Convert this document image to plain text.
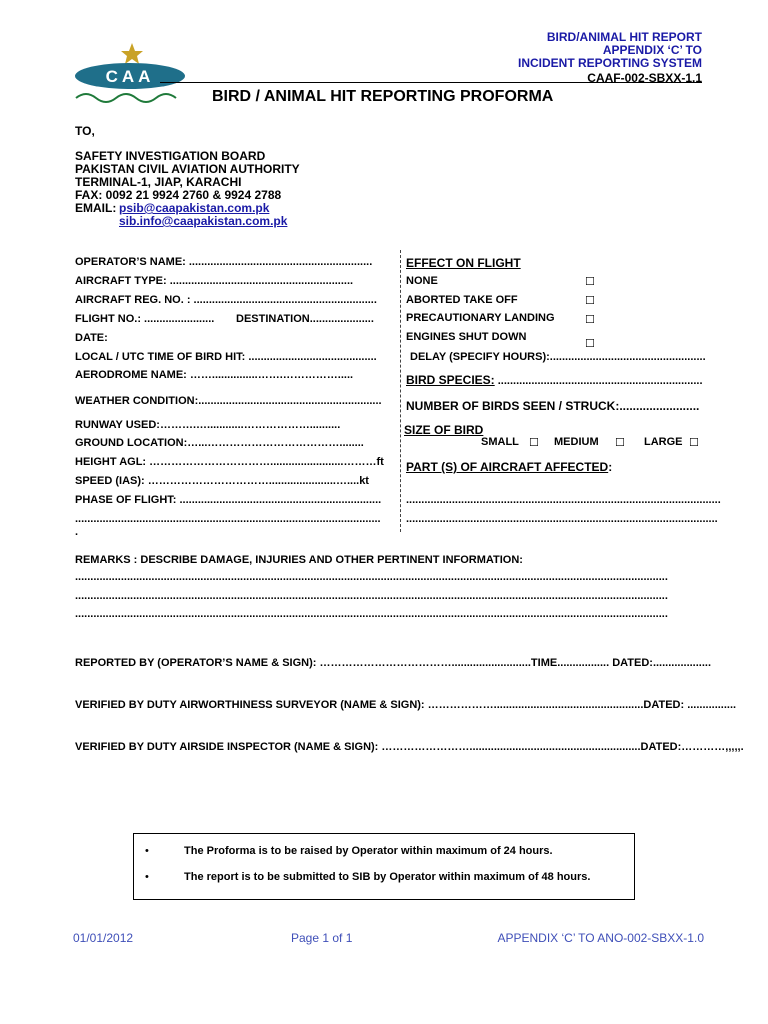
CAA
BIRD/ANIMAL HIT REPORT
APPENDIX ‘C’ TO
INCIDENT REPORTING SYSTEM
CAAF-002-SBXX-1.1
BIRD / ANIMAL HIT REPORTING PROFORMA
TO,
SAFETY INVESTIGATION BOARD
PAKISTAN CIVIL AVIATION AUTHORITY
TERMINAL-1, JIAP, KARACHI
FAX: 0092 21 9924 2760 & 9924 2788
EMAIL: psib@caapakistan.com.pk
sib.info@caapakistan.com.pk
OPERATOR’S NAME: ............................................................
AIRCRAFT TYPE: ............................................................
AIRCRAFT REG. NO. : ............................................................
FLIGHT NO.: ....................... DESTINATION.....................
DATE:
LOCAL / UTC TIME OF BIRD HIT: ..........................................
AERODROME NAME: ……...............…….…………….....
WEATHER CONDITION:............................................................
RUNWAY USED:……….…............………………..........
GROUND LOCATION:…...………………………………........
HEIGHT AGL: ……………………………........................………ft
SPEED (IAS): ……………………………......................…....kt
PHASE OF FLIGHT: ..................................................................
....................................................................................................
.
EFFECT ON FLIGHT
NONE	☐
ABORTED TAKE OFF	☐
PRECAUTIONARY LANDING	☐
ENGINES SHUT DOWN	☐
DELAY (SPECIFY HOURS):...................................................
BIRD SPECIES: ...................................................................
NUMBER OF BIRDS SEEN / STRUCK:........................
SIZE OF BIRD
SMALL ☐ MEDIUM ☐ LARGE ☐
PART (S) OF AIRCRAFT AFFECTED:
.......................................................................................................
......................................................................................................
REMARKS : DESCRIBE DAMAGE, INJURIES AND OTHER PERTINENT INFORMATION:
..................................................................................................................................................................................................
..................................................................................................................................................................................................
..................................................................................................................................................................................................
REPORTED BY (OPERATOR’S NAME & SIGN): ………………………………..........................TIME................. DATED:...................
VERIFIED BY DUTY AIRWORTHINESS SURVEYOR (NAME & SIGN): ……………….................................................DATED: ................
VERIFIED BY DUTY AIRSIDE INSPECTOR (NAME & SIGN): ……………………........................................................DATED:…………,,,,,.
•	The Proforma is to be raised by Operator within maximum of 24 hours.
•	The report is to be submitted to SIB by Operator within maximum of 48 hours.
01/01/2012	Page 1 of 1	APPENDIX ‘C’ TO ANO-002-SBXX-1.0
